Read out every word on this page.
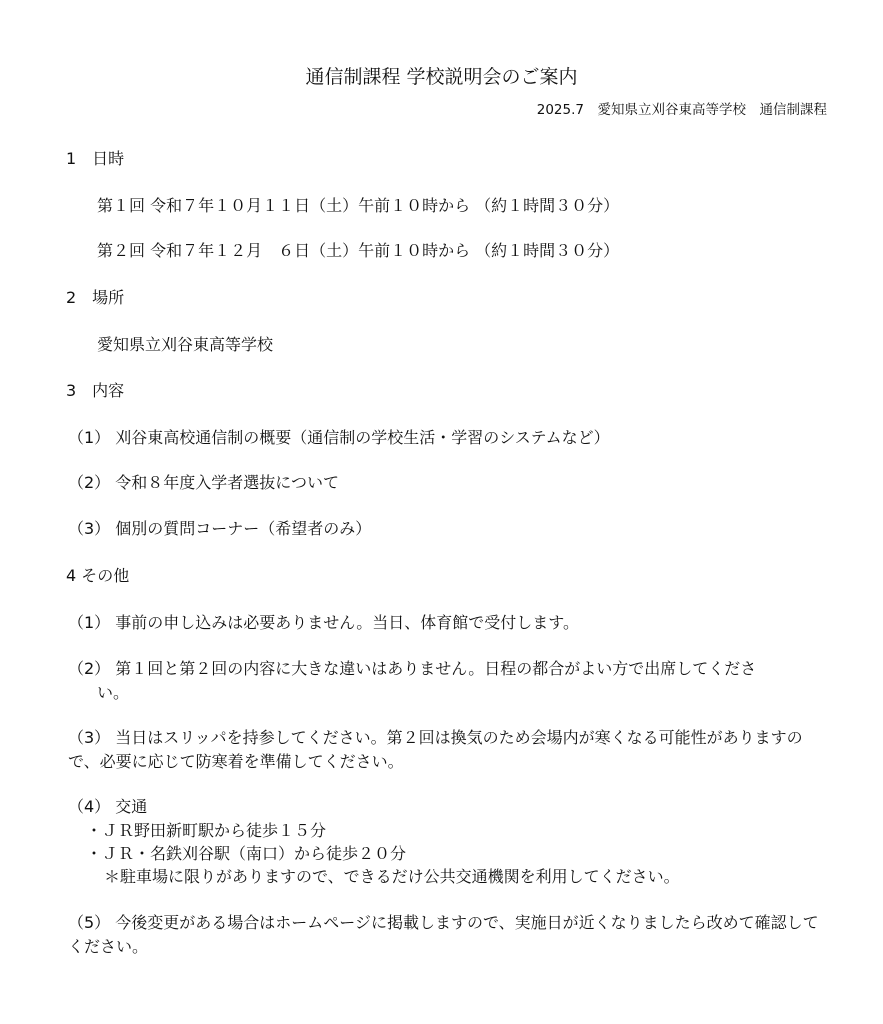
通信制課程 学校説明会のご案内
2025.7　愛知県立刈谷東高等学校　通信制課程
1　日時
第１回 令和７年１０月１１日（土）午前１０時から （約１時間３０分）
第２回 令和７年１２月　６日（土）午前１０時から （約１時間３０分）
2　場所
愛知県立刈谷東高等学校
3　内容
（1） 刈谷東高校通信制の概要（通信制の学校生活・学習のシステムなど）
（2） 令和８年度入学者選抜について
（3） 個別の質問コーナー（希望者のみ）
4 その他
（1） 事前の申し込みは必要ありません。当日、体育館で受付します。
（2） 第１回と第２回の内容に大きな違いはありません。日程の都合がよい方で出席してくださ
い。
（3） 当日はスリッパを持参してください。第２回は換気のため会場内が寒くなる可能性がありますので、必要に応じて防寒着を準備してください。
（4） 交通
・ＪＲ野田新町駅から徒歩１５分
・ＪＲ・名鉄刈谷駅（南口）から徒歩２０分
＊駐車場に限りがありますので、できるだけ公共交通機関を利用してください。
（5） 今後変更がある場合はホームページに掲載しますので、実施日が近くなりましたら改めて確認してください。
